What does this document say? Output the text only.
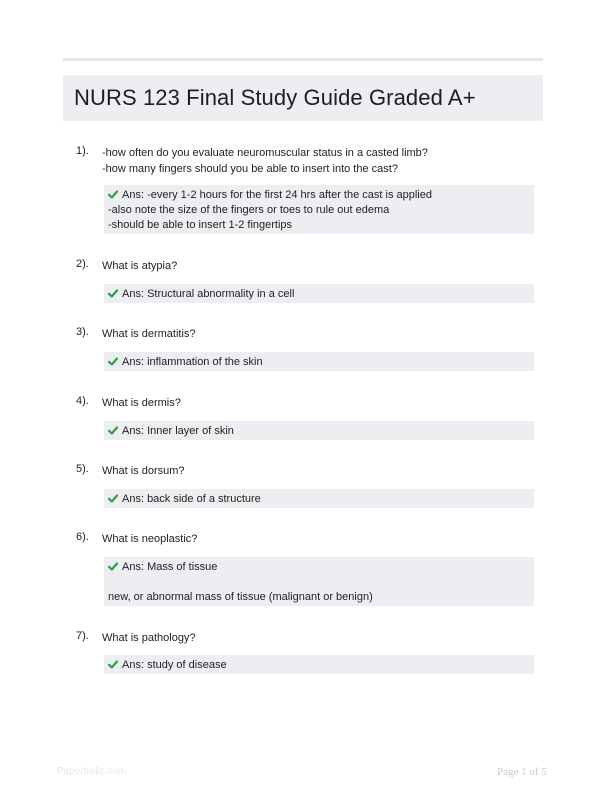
NURS 123 Final Study Guide Graded A+
1). -how often do you evaluate neuromuscular status in a casted limb?
-how many fingers should you be able to insert into the cast?
Ans: -every 1-2 hours for the first 24 hrs after the cast is applied
-also note the size of the fingers or toes to rule out edema
-should be able to insert 1-2 fingertips
2). What is atypia?
Ans: Structural abnormality in a cell
3). What is dermatitis?
Ans: inflammation of the skin
4). What is dermis?
Ans: Inner layer of skin
5). What is dorsum?
Ans: back side of a structure
6). What is neoplastic?
Ans: Mass of tissue
new, or abnormal mass of tissue (malignant or benign)
7). What is pathology?
Ans: study of disease
Papertrolic.com	Page 1 of 5
